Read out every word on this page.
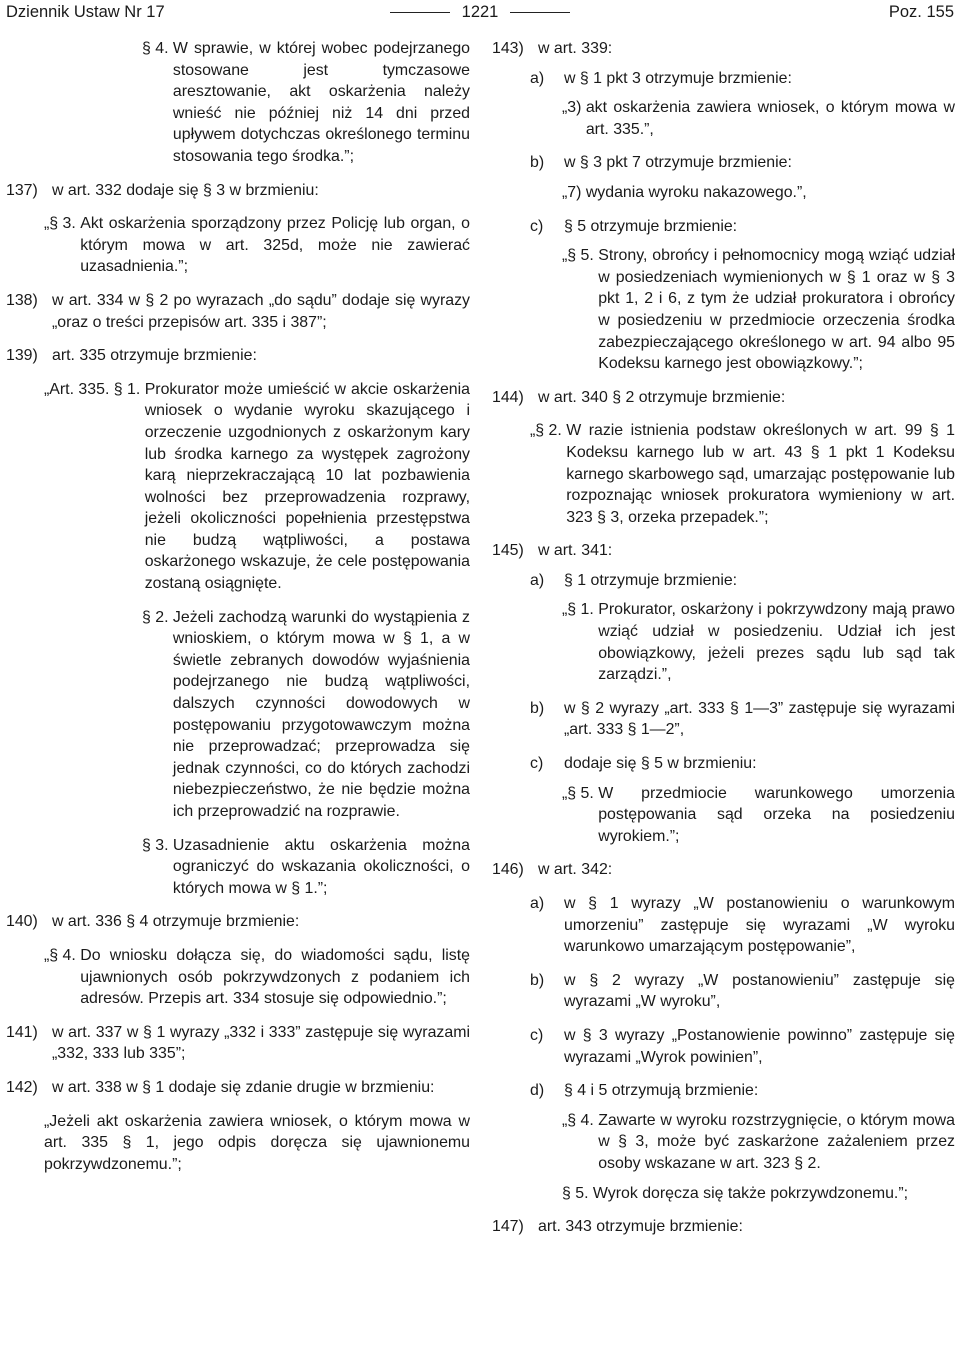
Dziennik Ustaw Nr 17	1221	Poz. 155
§ 4. W sprawie, w której wobec podejrzanego stosowane jest tymczasowe aresztowanie, akt oskarżenia należy wnieść nie później niż 14 dni przed upływem dotychczas określonego terminu stosowania tego środka.”;
137) w art. 332 dodaje się § 3 w brzmieniu:
„§ 3. Akt oskarżenia sporządzony przez Policję lub organ, o którym mowa w art. 325d, może nie zawierać uzasadnienia.”;
138) w art. 334 w § 2 po wyrazach „do sądu” dodaje się wyrazy „oraz o treści przepisów art. 335 i 387”;
139) art. 335 otrzymuje brzmienie:
„Art. 335. § 1. Prokurator może umieścić w akcie oskarżenia wniosek o wydanie wyroku skazującego i orzeczenie uzgodnionych z oskarżonym kary lub środka karnego za występek zagrożony karą nieprzekraczającą 10 lat pozbawienia wolności bez przeprowadzenia rozprawy, jeżeli okoliczności popełnienia przestępstwa nie budzą wątpliwości, a postawa oskarżonego wskazuje, że cele postępowania zostaną osiągnięte.
§ 2. Jeżeli zachodzą warunki do wystąpienia z wnioskiem, o którym mowa w § 1, a w świetle zebranych dowodów wyjaśnienia podejrzanego nie budzą wątpliwości, dalszych czynności dowodowych w postępowaniu przygotowawczym można nie przeprowadzać; przeprowadza się jednak czynności, co do których zachodzi niebezpieczeństwo, że nie będzie można ich przeprowadzić na rozprawie.
§ 3. Uzasadnienie aktu oskarżenia można ograniczyć do wskazania okoliczności, o których mowa w § 1.”;
140) w art. 336 § 4 otrzymuje brzmienie:
„§ 4. Do wniosku dołącza się, do wiadomości sądu, listę ujawnionych osób pokrzywdzonych z podaniem ich adresów. Przepis art. 334 stosuje się odpowiednio.”;
141) w art. 337 w § 1 wyrazy „332 i 333” zastępuje się wyrazami „332, 333 lub 335”;
142) w art. 338 w § 1 dodaje się zdanie drugie w brzmieniu:
„Jeżeli akt oskarżenia zawiera wniosek, o którym mowa w art. 335 § 1, jego odpis doręcza się ujawnionemu pokrzywdzonemu.”;
143) w art. 339:
a)	w § 1 pkt 3 otrzymuje brzmienie:
„3) akt oskarżenia zawiera wniosek, o którym mowa w art. 335.”,
b)	w § 3 pkt 7 otrzymuje brzmienie:
„7) wydania wyroku nakazowego.”,
c)	§ 5 otrzymuje brzmienie:
„§ 5. Strony, obrońcy i pełnomocnicy mogą wziąć udział w posiedzeniach wymienionych w § 1 oraz w § 3 pkt 1, 2 i 6, z tym że udział prokuratora i obrońcy w posiedzeniu w przedmiocie orzeczenia środka zabezpieczającego określonego w art. 94 albo 95 Kodeksu karnego jest obowiązkowy.”;
144) w art. 340 § 2 otrzymuje brzmienie:
„§ 2. W razie istnienia podstaw określonych w art. 99 § 1 Kodeksu karnego lub w art. 43 § 1 pkt 1 Kodeksu karnego skarbowego sąd, umarzając postępowanie lub rozpoznając wniosek prokuratora wymieniony w art. 323 § 3, orzeka przepadek.”;
145) w art. 341:
a)	§ 1 otrzymuje brzmienie:
„§ 1. Prokurator, oskarżony i pokrzywdzony mają prawo wziąć udział w posiedzeniu. Udział ich jest obowiązkowy, jeżeli prezes sądu lub sąd tak zarządzi.”,
b)	w § 2 wyrazy „art. 333 § 1—3” zastępuje się wyrazami „art. 333 § 1—2”,
c)	dodaje się § 5 w brzmieniu:
„§ 5. W przedmiocie warunkowego umorzenia postępowania sąd orzeka na posiedzeniu wyrokiem.”;
146) w art. 342:
a)	w § 1 wyrazy „W postanowieniu o warunkowym umorzeniu” zastępuje się wyrazami „W wyroku warunkowo umarzającym postępowanie”,
b)	w § 2 wyrazy „W postanowieniu” zastępuje się wyrazami „W wyroku”,
c)	w § 3 wyrazy „Postanowienie powinno” zastępuje się wyrazami „Wyrok powinien”,
d)	§ 4 i 5 otrzymują brzmienie:
„§ 4. Zawarte w wyroku rozstrzygnięcie, o którym mowa w § 3, może być zaskarżone zażaleniem przez osoby wskazane w art. 323 § 2.
§ 5. Wyrok doręcza się także pokrzywdzonemu.”;
147) art. 343 otrzymuje brzmienie:
